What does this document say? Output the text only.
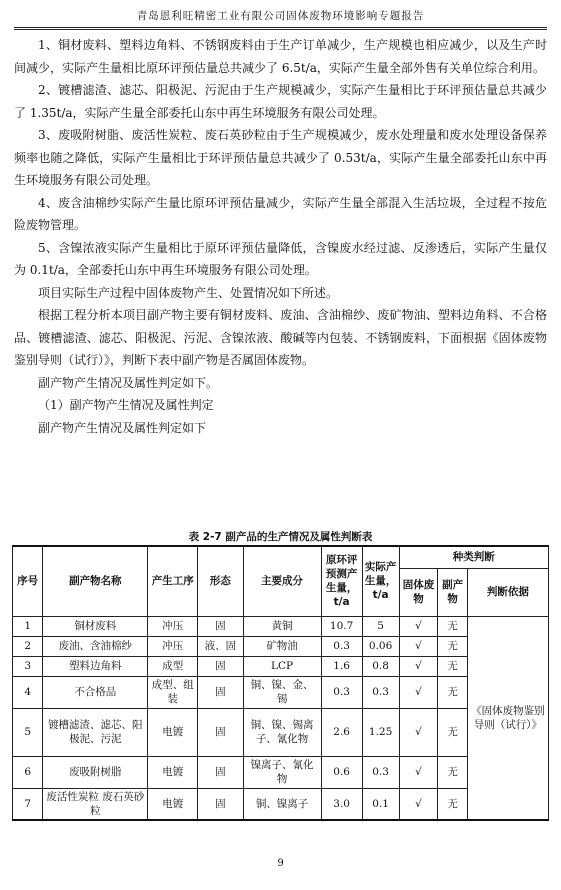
青岛恩利旺精密工业有限公司固体废物环境影响专题报告

1、铜材废料、塑料边角料、不锈钢废料由于生产订单减少，生产规模也相应减少，以及生产时间减少，实际产生量相比原环评预估量总共减少了 6.5t/a，实际产生量全部外售有关单位综合利用。

2、镀槽滤渣、滤芯、阳极泥、污泥由于生产规模减少，实际产生量相比于环评预估量总共减少了 1.35t/a，实际产生量全部委托山东中再生环境服务有限公司处理。

3、废吸附树脂、废活性炭粒、废石英砂粒由于生产规模减少，废水处理量和废水处理设备保养频率也随之降低，实际产生量相比于环评预估量总共减少了 0.53t/a，实际产生量全部委托山东中再生环境服务有限公司处理。

4、废含油棉纱实际产生量比原环评预估量减少，实际产生量全部混入生活垃圾，全过程不按危险废物管理。

5、含镍浓液实际产生量相比于原环评预估量降低，含镍废水经过滤、反渗透后，实际产生量仅为 0.1t/a，全部委托山东中再生环境服务有限公司处理。

项目实际生产过程中固体废物产生、处置情况如下所述。

根据工程分析本项目副产物主要有铜材废料、废油、含油棉纱、废矿物油、塑料边角料、不合格品、镀槽滤渣、滤芯、阳极泥、污泥、含镍浓液、酸碱等内包装、不锈钢废料，下面根据《固体废物鉴别导则（试行）》，判断下表中副产物是否属固体废物。

副产物产生情况及属性判定如下。

（1）副产物产生情况及属性判定

副产物产生情况及属性判定如下

表 2-7 副产品的生产情况及属性判断表
序号	副产物名称	产生工序	形态	主要成分	原环评预测产生量，t/a	实际产生量，t/a	种类判断		
							固体废物	副产物	判断依据
1	铜材废料	冲压	固	黄铜	10.7	5	√	无	《固体废物鉴别导则（试行）》
2	废油、含油棉纱	冲压	液、固	矿物油	0.3	0.06	√	无	
3	塑料边角料	成型	固	LCP	1.6	0.8	√	无	
4	不合格品	成型、组装	固	铜、镍、金、锡	0.3	0.3	√	无	
5	镀槽滤渣、滤芯、阳极泥、污泥	电镀	固	铜、镍、锡离子、氰化物	2.6	1.25	√	无	
6	废吸附树脂	电镀	固	镍离子、氰化物	0.6	0.3	√	无	
7	废活性炭粒 废石英砂粒	电镀	固	铜、镍离子	3.0	0.1	√	无	
9
